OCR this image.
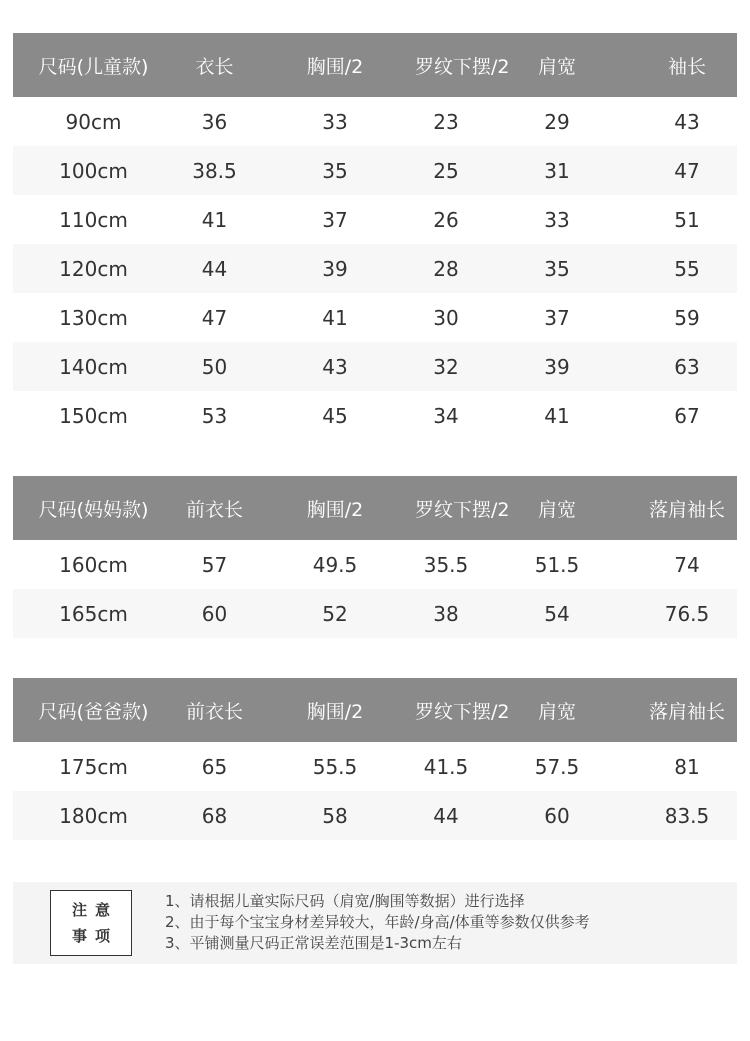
尺码(儿童款)	衣长	胸围/2	罗纹下摆/2	肩宽	袖长
90cm	36	33	23	29	43
100cm	38.5	35	25	31	47
110cm	41	37	26	33	51
120cm	44	39	28	35	55
130cm	47	41	30	37	59
140cm	50	43	32	39	63
150cm	53	45	34	41	67
尺码(妈妈款)	前衣长	胸围/2	罗纹下摆/2	肩宽	落肩袖长
160cm	57	49.5	35.5	51.5	74
165cm	60	52	38	54	76.5
尺码(爸爸款)	前衣长	胸围/2	罗纹下摆/2	肩宽	落肩袖长
175cm	65	55.5	41.5	57.5	81
180cm	68	58	44	60	83.5
注意
事项
1、请根据儿童实际尺码（肩宽/胸围等数据）进行选择
2、由于每个宝宝身材差异较大，年龄/身高/体重等参数仅供参考
3、平铺测量尺码正常误差范围是1-3cm左右
